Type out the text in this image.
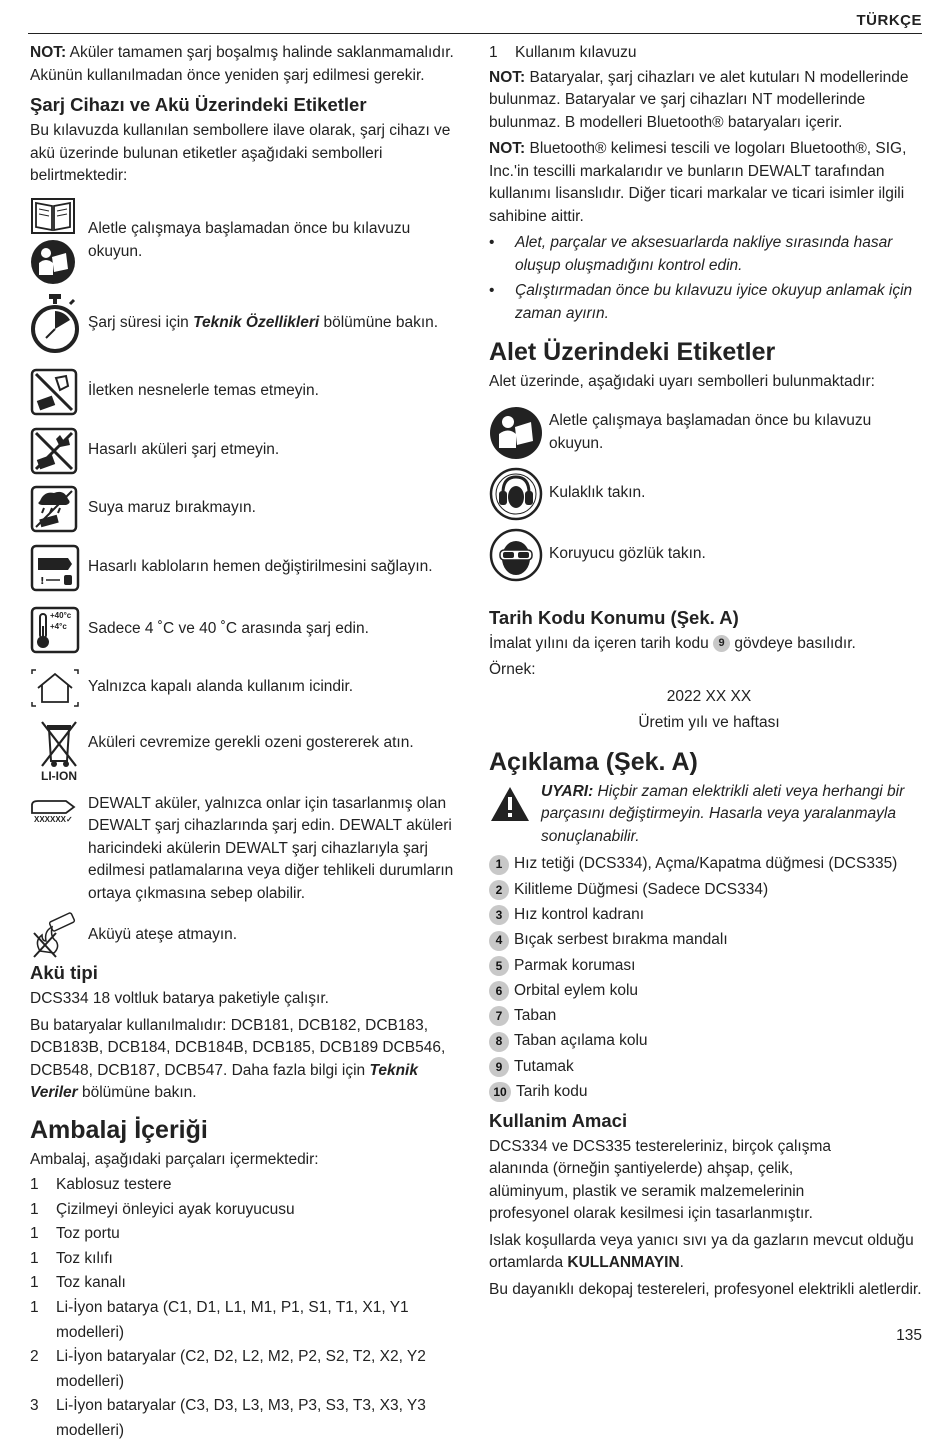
TÜRKÇE

NOT: Aküler tamamen şarj boşalmış halinde saklanmamalıdır. Akünün kullanılmadan önce yeniden şarj edilmesi gerekir.

Şarj Cihazı ve Akü Üzerindeki Etiketler

Bu kılavuzda kullanılan sembollere ilave olarak, şarj cihazı ve akü üzerinde bulunan etiketler aşağıdaki sembolleri belirtmektedir:

Aletle çalışmaya başlamadan önce bu kılavuzu okuyun.
Şarj süresi için Teknik Özellikleri bölümüne bakın.
İletken nesnelerle temas etmeyin.
Hasarlı aküleri şarj etmeyin.
Suya maruz bırakmayın.
!
Hasarlı kabloların hemen değiştirilmesini sağlayın.
+40°c
+4°c Sadece 4 ˚C ve 40 ˚C arasında şarj edin.
Yalnızca kapalı alanda kullanım icindir.
LI-ION
Aküleri cevremize gerekli ozeni gostererek atın.
XXXXXX✓
DEWALT aküler, yalnızca onlar için tasarlanmış olan DEWALT şarj cihazlarında şarj edin. DEWALT aküleri haricindeki akülerin DEWALT şarj cihazlarıyla şarj edilmesi patlamalarına veya diğer tehlikeli durumların ortaya çıkmasına sebep olabilir.
Aküyü ateşe atmayın.
Akü tipi

DCS334 18 voltluk batarya paketiyle çalışır.

Bu bataryalar kullanılmalıdır: DCB181, DCB182, DCB183, DCB183B, DCB184, DCB184B, DCB185, DCB189 DCB546, DCB548, DCB187, DCB547. Daha fazla bilgi için Teknik Veriler bölümüne bakın.

Ambalaj İçeriği

Ambalaj, aşağıdaki parçaları içermektedir:

1	Kablosuz testere
1	Çizilmeyi önleyici ayak koruyucusu
1	Toz portu
1	Toz kılıfı
1	Toz kanalı
1	Li-İyon batarya (C1, D1, L1, M1, P1, S1, T1, X1, Y1 modelleri)
2	Li-İyon bataryalar (C2, D2, L2, M2, P2, S2, T2, X2, Y2 modelleri)
3	Li-İyon bataryalar (C3, D3, L3, M3, P3, S3, T3, X3, Y3 modelleri)
1	Kullanım kılavuzu

NOT: Bataryalar, şarj cihazları ve alet kutuları N modellerinde bulunmaz. Bataryalar ve şarj cihazları NT modellerinde bulunmaz. B modelleri Bluetooth® bataryaları içerir.

NOT: Bluetooth® kelimesi tescili ve logoları Bluetooth®, SIG, Inc.'in tescilli markalarıdır ve bunların DEWALT tarafından kullanımı lisanslıdır. Diğer ticari markalar ve ticari isimler ilgili sahibine aittir.

•	Alet, parçalar ve aksesuarlarda nakliye sırasında hasar oluşup oluşmadığını kontrol edin.
•	Çalıştırmadan önce bu kılavuzu iyice okuyup anlamak için zaman ayırın.
Alet Üzerindeki Etiketler

Alet üzerinde, aşağıdaki uyarı sembolleri bulunmaktadır:

Aletle çalışmaya başlamadan önce bu kılavuzu okuyun.
Kulaklık takın.
Koruyucu gözlük takın.
Tarih Kodu Konumu (Şek. A)

İmalat yılını da içeren tarih kodu 9 gövdeye basılıdır.

Örnek:

2022 XX XX

Üretim yılı ve haftası

Açıklama (Şek. A)
UYARI: Hiçbir zaman elektrikli aleti veya herhangi bir parçasını değiştirmeyin. Hasarla veya yaralanmayla sonuçlanabilir.
1 Hız tetiği (DCS334), Açma/Kapatma düğmesi (DCS335)
2 Kilitleme Düğmesi (Sadece DCS334)
3 Hız kontrol kadranı
4 Bıçak serbest bırakma mandalı
5 Parmak koruması
6 Orbital eylem kolu
7 Taban
8 Taban açılama kolu
9 Tutamak
10 Tarih kodu
Kullanim Amaci

DCS334 ve DCS335 testereleriniz, birçok çalışma alanında (örneğin şantiyelerde) ahşap, çelik, alüminyum, plastik ve seramik malzemelerinin profesyonel olarak kesilmesi için tasarlanmıştır.

Islak koşullarda veya yanıcı sıvı ya da gazların mevcut olduğu ortamlarda KULLANMAYIN.

Bu dayanıklı dekopaj testereleri, profesyonel elektrikli aletlerdir.

135
